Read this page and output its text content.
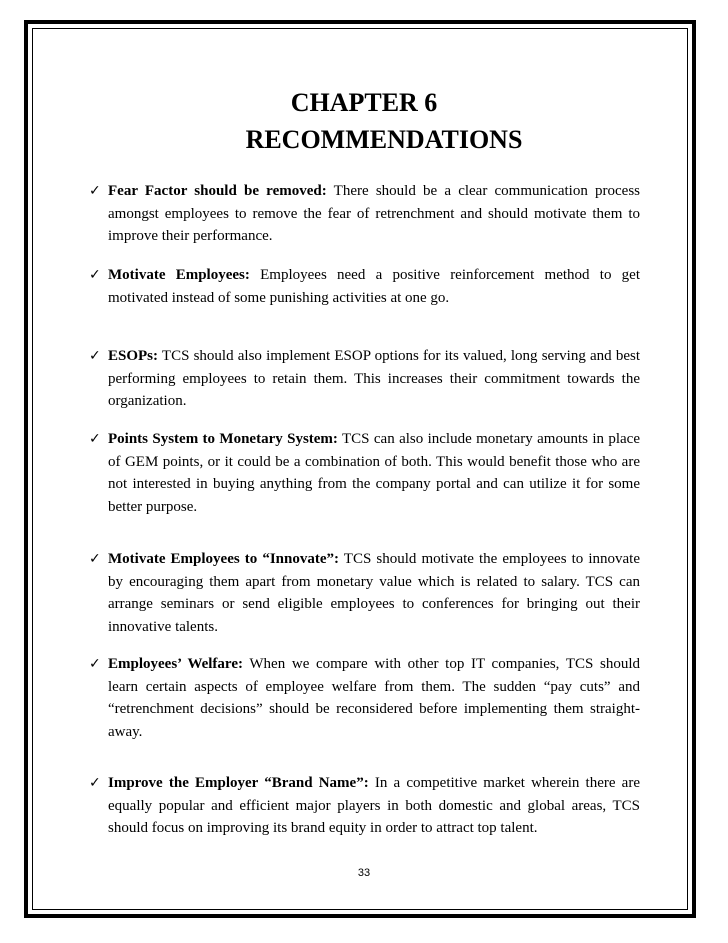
CHAPTER 6
RECOMMENDATIONS
✓ Fear Factor should be removed: There should be a clear communication process amongst employees to remove the fear of retrenchment and should motivate them to improve their performance.
✓ Motivate Employees: Employees need a positive reinforcement method to get motivated instead of some punishing activities at one go.
✓ ESOPs: TCS should also implement ESOP options for its valued, long serving and best performing employees to retain them. This increases their commitment towards the organization.
✓ Points System to Monetary System: TCS can also include monetary amounts in place of GEM points, or it could be a combination of both. This would benefit those who are not interested in buying anything from the company portal and can utilize it for some better purpose.
✓ Motivate Employees to “Innovate”: TCS should motivate the employees to innovate by encouraging them apart from monetary value which is related to salary. TCS can arrange seminars or send eligible employees to conferences for bringing out their innovative talents.
✓ Employees’ Welfare: When we compare with other top IT companies, TCS should learn certain aspects of employee welfare from them. The sudden “pay cuts” and “retrenchment decisions” should be reconsidered before implementing them straight-away.
✓ Improve the Employer “Brand Name”: In a competitive market wherein there are equally popular and efficient major players in both domestic and global areas, TCS should focus on improving its brand equity in order to attract top talent.
33
